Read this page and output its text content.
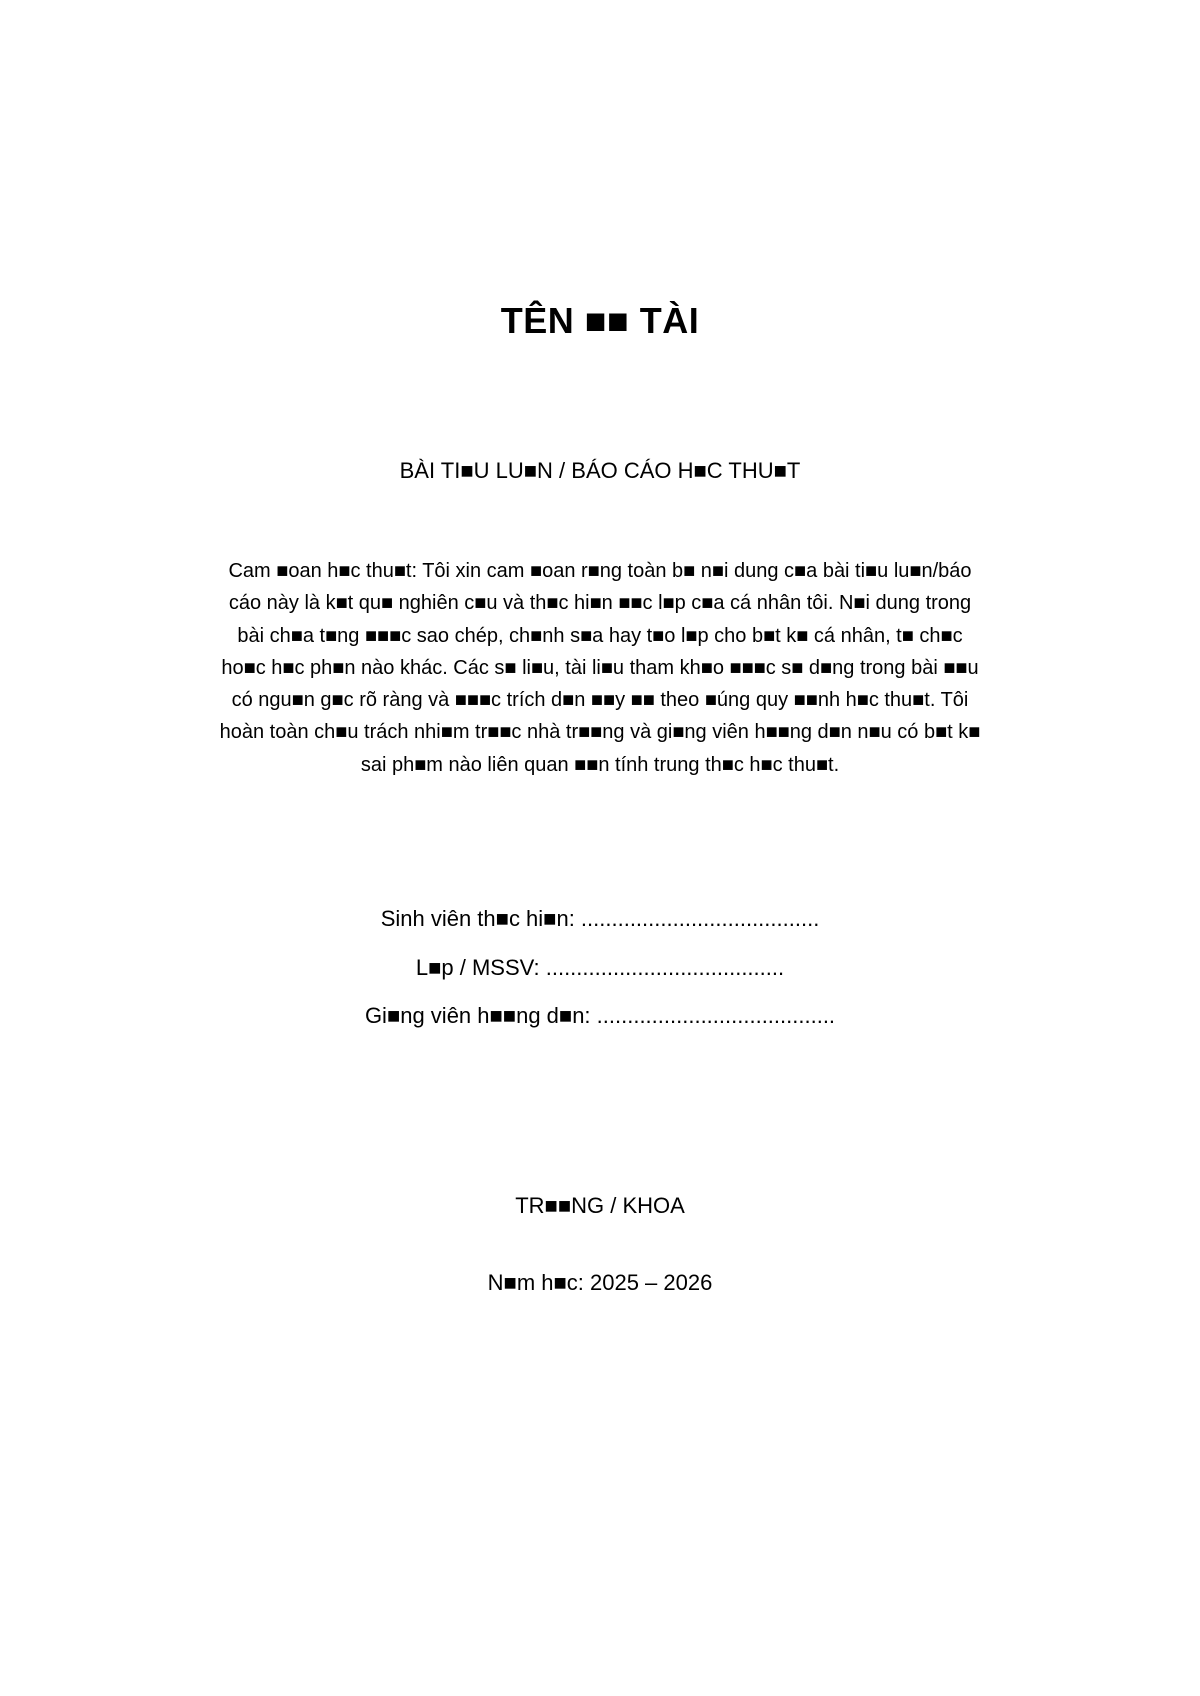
TÊN ■■ TÀI
BÀI TI■U LU■N / BÁO CÁO H■C THU■T
Cam ■oan h■c thu■t: Tôi xin cam ■oan r■ng toàn b■ n■i dung c■a bài ti■u lu■n/báo
cáo này là k■t qu■ nghiên c■u và th■c hi■n ■■c l■p c■a cá nhân tôi. N■i dung trong
bài ch■a t■ng ■■■c sao chép, ch■nh s■a hay t■o l■p cho b■t k■ cá nhân, t■ ch■c
ho■c h■c ph■n nào khác. Các s■ li■u, tài li■u tham kh■o ■■■c s■ d■ng trong bài ■■u
có ngu■n g■c rõ ràng và ■■■c trích d■n ■■y ■■ theo ■úng quy ■■nh h■c thu■t. Tôi
hoàn toàn ch■u trách nhi■m tr■■c nhà tr■■ng và gi■ng viên h■■ng d■n n■u có b■t k■
sai ph■m nào liên quan ■■n tính trung th■c h■c thu■t.
Sinh viên th■c hi■n: .......................................
L■p / MSSV: .......................................
Gi■ng viên h■■ng d■n: .......................................
TR■■NG / KHOA
N■m h■c: 2025 – 2026
